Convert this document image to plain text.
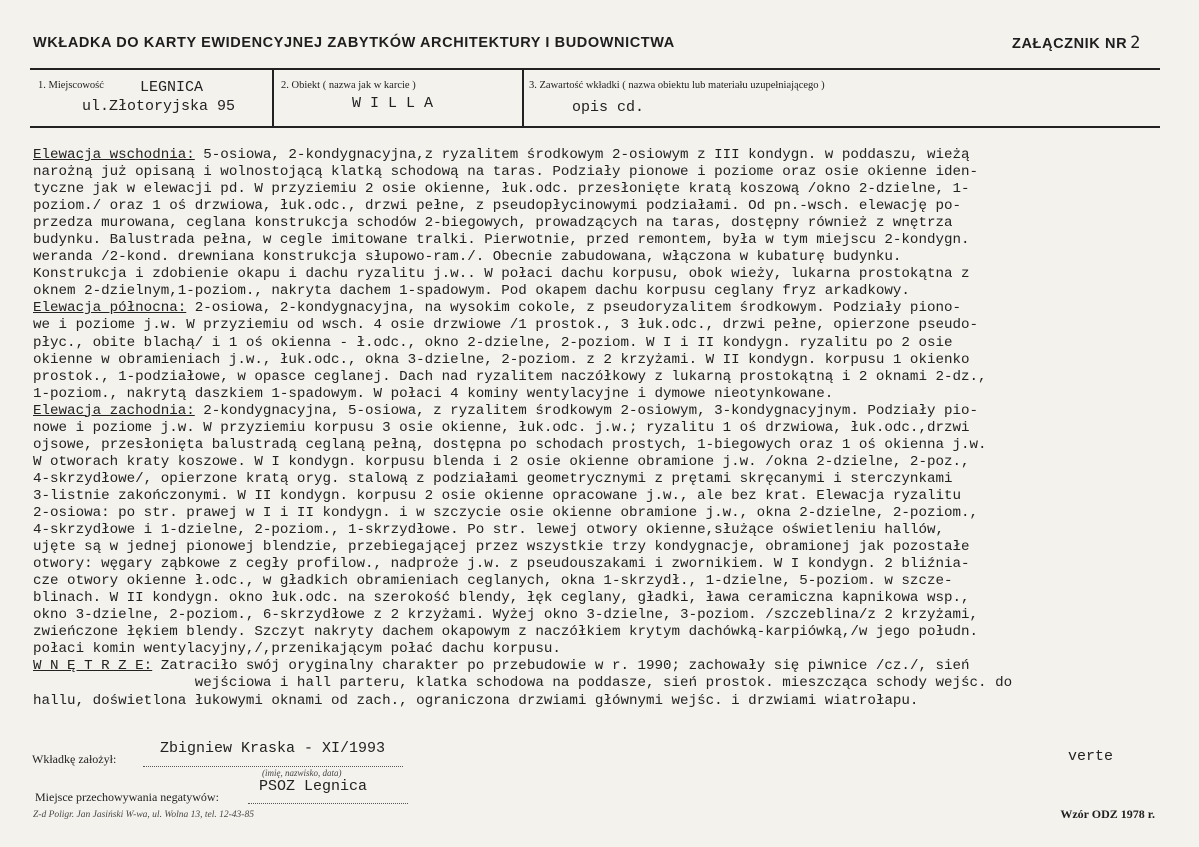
WKŁADKA DO KARTY EWIDENCYJNEJ ZABYTKÓW ARCHITEKTURY I BUDOWNICTWA	ZAŁĄCZNIK NR 2
1. Miejscowość LEGNICA
ul.Złotoryjska 95
2. Obiekt ( nazwa jak w karcie )
W I L L A
3. Zawartość wkładki ( nazwa obiektu lub materiału uzupełniającego )
opis cd.
Elewacja wschodnia: 5-osiowa, 2-kondygnacyjna,z ryzalitem środkowym 2-osiowym z III kondygn. w poddaszu, wieżą
narożną już opisaną i wolnostojącą klatką schodową na taras. Podziały pionowe i poziome oraz osie okienne iden-
tyczne jak w elewacji pd. W przyziemiu 2 osie okienne, łuk.odc. przesłonięte kratą koszową /okno 2-dzielne, 1-
poziom./ oraz 1 oś drzwiowa, łuk.odc., drzwi pełne, z pseudopłycinowymi podziałami. Od pn.-wsch. elewację po-
przedza murowana, ceglana konstrukcja schodów 2-biegowych, prowadzących na taras, dostępny również z wnętrza
budynku. Balustrada pełna, w cegle imitowane tralki. Pierwotnie, przed remontem, była w tym miejscu 2-kondygn.
weranda /2-kond. drewniana konstrukcja słupowo-ram./. Obecnie zabudowana, włączona w kubaturę budynku.
Konstrukcja i zdobienie okapu i dachu ryzalitu j.w.. W połaci dachu korpusu, obok wieży, lukarna prostokątna z
oknem 2-dzielnym,1-poziom., nakryta dachem 1-spadowym. Pod okapem dachu korpusu ceglany fryz arkadkowy.
Elewacja północna: 2-osiowa, 2-kondygnacyjna, na wysokim cokole, z pseudoryzalitem środkowym. Podziały piono-
we i poziome j.w. W przyziemiu od wsch. 4 osie drzwiowe /1 prostok., 3 łuk.odc., drzwi pełne, opierzone pseudo-
płyc., obite blachą/ i 1 oś okienna - ł.odc., okno 2-dzielne, 2-poziom. W I i II kondygn. ryzalitu po 2 osie
okienne w obramieniach j.w., łuk.odc., okna 3-dzielne, 2-poziom. z 2 krzyżami. W II kondygn. korpusu 1 okienko
prostok., 1-podziałowe, w opasce ceglanej. Dach nad ryzalitem naczółkowy z lukarną prostokątną i 2 oknami 2-dz.,
1-poziom., nakrytą daszkiem 1-spadowym. W połaci 4 kominy wentylacyjne i dymowe nieotynkowane.
Elewacja zachodnia: 2-kondygnacyjna, 5-osiowa, z ryzalitem środkowym 2-osiowym, 3-kondygnacyjnym. Podziały pio-
nowe i poziome j.w. W przyziemiu korpusu 3 osie okienne, łuk.odc. j.w.; ryzalitu 1 oś drzwiowa, łuk.odc.,drzwi
ojsowe, przesłonięta balustradą ceglaną pełną, dostępna po schodach prostych, 1-biegowych oraz 1 oś okienna j.w.
W otworach kraty koszowe. W I kondygn. korpusu blenda i 2 osie okienne obramione j.w. /okna 2-dzielne, 2-poz.,
4-skrzydłowe/, opierzone kratą oryg. stalową z podziałami geometrycznymi z prętami skręcanymi i sterczynkami
3-listnie zakończonymi. W II kondygn. korpusu 2 osie okienne opracowane j.w., ale bez krat. Elewacja ryzalitu
2-osiowa: po str. prawej w I i II kondygn. i w szczycie osie okienne obramione j.w., okna 2-dzielne, 2-poziom.,
4-skrzydłowe i 1-dzielne, 2-poziom., 1-skrzydłowe. Po str. lewej otwory okienne,służące oświetleniu hallów,
ujęte są w jednej pionowej blendzie, przebiegającej przez wszystkie trzy kondygnacje, obramionej jak pozostałe
otwory: węgary ząbkowe z cegły profilow., nadproże j.w. z pseudouszakami i zwornikiem. W I kondygn. 2 bliźnia-
cze otwory okienne ł.odc., w gładkich obramieniach ceglanych, okna 1-skrzydł., 1-dzielne, 5-poziom. w szcze-
blinach. W II kondygn. okno łuk.odc. na szerokość blendy, łęk ceglany, gładki, ława ceramiczna kapnikowa wsp.,
okno 3-dzielne, 2-poziom., 6-skrzydłowe z 2 krzyżami. Wyżej okno 3-dzielne, 3-poziom. /szczeblina/z 2 krzyżami,
zwieńczone łękiem blendy. Szczyt nakryty dachem okapowym z naczółkiem krytym dachówką-karpiówką,/w jego połudn.
połaci komin wentylacyjny,/,przenikającym połać dachu korpusu.
W N Ę T R Z E: Zatraciło swój oryginalny charakter po przebudowie w r. 1990; zachowały się piwnice /cz./, sień
wejściowa i hall parteru, klatka schodowa na poddasze, sień prostok. mieszcząca schody wejśc. do
hallu, doświetlona łukowymi oknami od zach., ograniczona drzwiami głównymi wejśc. i drzwiami wiatrołapu.
Wkładkę założył:
Zbigniew Kraska - XI/1993
(imię, nazwisko, data)
verte
PSOZ Legnica
Miejsce przechowywania negatywów:
Z-d Poligr. Jan Jasiński W-wa, ul. Wolna 13, tel. 12-43-85	Wzór ODZ 1978 r.
